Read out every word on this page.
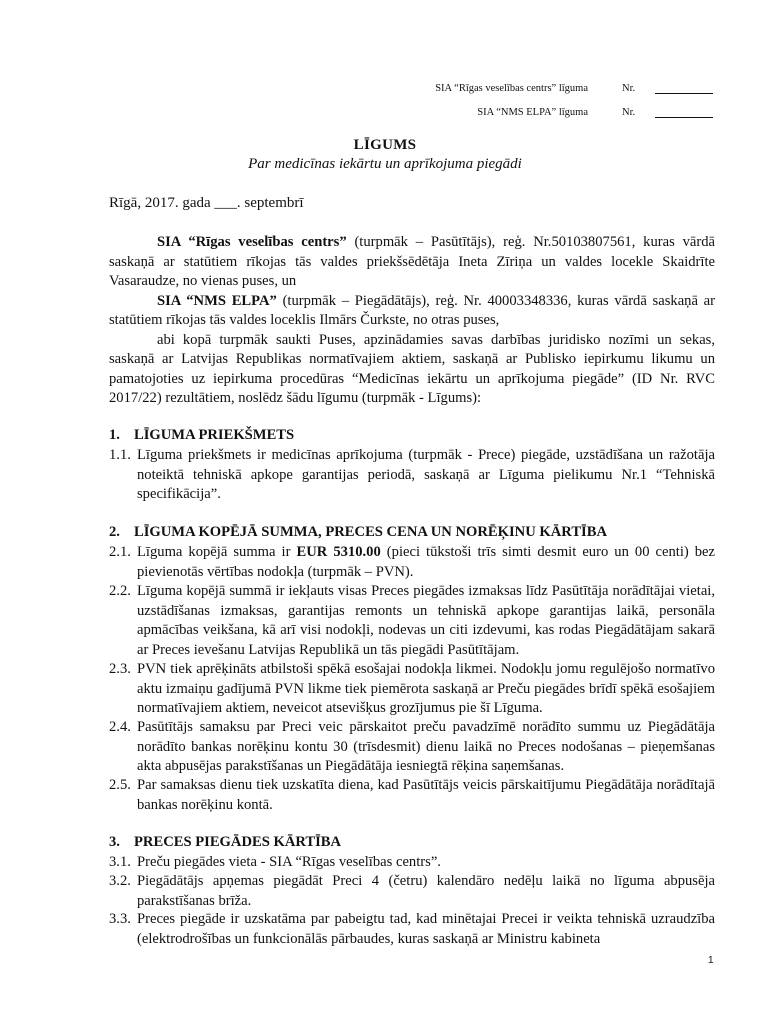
SIA “Rīgas veselības centrs” līguma	Nr.
SIA “NMS ELPA” līguma	Nr.
LĪGUMS
Par medicīnas iekārtu un aprīkojuma piegādi
Rīgā, 2017. gada ___. septembrī

SIA “Rīgas veselības centrs” (turpmāk – Pasūtītājs), reģ. Nr.50103807561, kuras vārdā saskaņā ar statūtiem rīkojas tās valdes priekšsēdētāja Ineta Zīriņa un valdes locekle Skaidrīte Vasaraudze, no vienas puses, un

SIA “NMS ELPA” (turpmāk – Piegādātājs), reģ. Nr. 40003348336, kuras vārdā saskaņā ar statūtiem rīkojas tās valdes loceklis Ilmārs Čurkste, no otras puses,

abi kopā turpmāk saukti Puses, apzinādamies savas darbības juridisko nozīmi un sekas, saskaņā ar Latvijas Republikas normatīvajiem aktiem, saskaņā ar Publisko iepirkumu likumu un pamatojoties uz iepirkuma procedūras “Medicīnas iekārtu un aprīkojuma piegāde” (ID Nr. RVC 2017/22) rezultātiem, noslēdz šādu līgumu (turpmāk - Līgums):

1. LĪGUMA PRIEKŠMETS
1.1. Līguma priekšmets ir medicīnas aprīkojuma (turpmāk - Prece) piegāde, uzstādīšana un ražotāja noteiktā tehniskā apkope garantijas periodā, saskaņā ar Līguma pielikumu Nr.1 “Tehniskā specifikācija”.
2. LĪGUMA KOPĒJĀ SUMMA, PRECES CENA UN NORĒĶINU KĀRTĪBA
2.1. Līguma kopējā summa ir EUR 5310.00 (pieci tūkstoši trīs simti desmit euro un 00 centi) bez pievienotās vērtības nodokļa (turpmāk – PVN).
2.2. Līguma kopējā summā ir iekļauts visas Preces piegādes izmaksas līdz Pasūtītāja norādītājai vietai, uzstādīšanas izmaksas, garantijas remonts un tehniskā apkope garantijas laikā, personāla apmācības veikšana, kā arī visi nodokļi, nodevas un citi izdevumi, kas rodas Piegādātājam sakarā ar Preces ievešanu Latvijas Republikā un tās piegādi Pasūtītājam.
2.3. PVN tiek aprēķināts atbilstoši spēkā esošajai nodokļa likmei. Nodokļu jomu regulējošo normatīvo aktu izmaiņu gadījumā PVN likme tiek piemērota saskaņā ar Preču piegādes brīdī spēkā esošajiem normatīvajiem aktiem, neveicot atsevišķus grozījumus pie šī Līguma.
2.4. Pasūtītājs samaksu par Preci veic pārskaitot preču pavadzīmē norādīto summu uz Piegādātāja norādīto bankas norēķinu kontu 30 (trīsdesmit) dienu laikā no Preces nodošanas – pieņemšanas akta abpusējas parakstīšanas un Piegādātāja iesniegtā rēķina saņemšanas.
2.5. Par samaksas dienu tiek uzskatīta diena, kad Pasūtītājs veicis pārskaitījumu Piegādātāja norādītajā bankas norēķinu kontā.
3. PRECES PIEGĀDES KĀRTĪBA
3.1. Preču piegādes vieta - SIA “Rīgas veselības centrs”.
3.2. Piegādātājs apņemas piegādāt Preci 4 (četru) kalendāro nedēļu laikā no līguma abpusēja parakstīšanas brīža.
3.3. Preces piegāde ir uzskatāma par pabeigtu tad, kad minētajai Precei ir veikta tehniskā uzraudzība (elektrodrošības un funkcionālās pārbaudes, kuras saskaņā ar Ministru kabineta
1
